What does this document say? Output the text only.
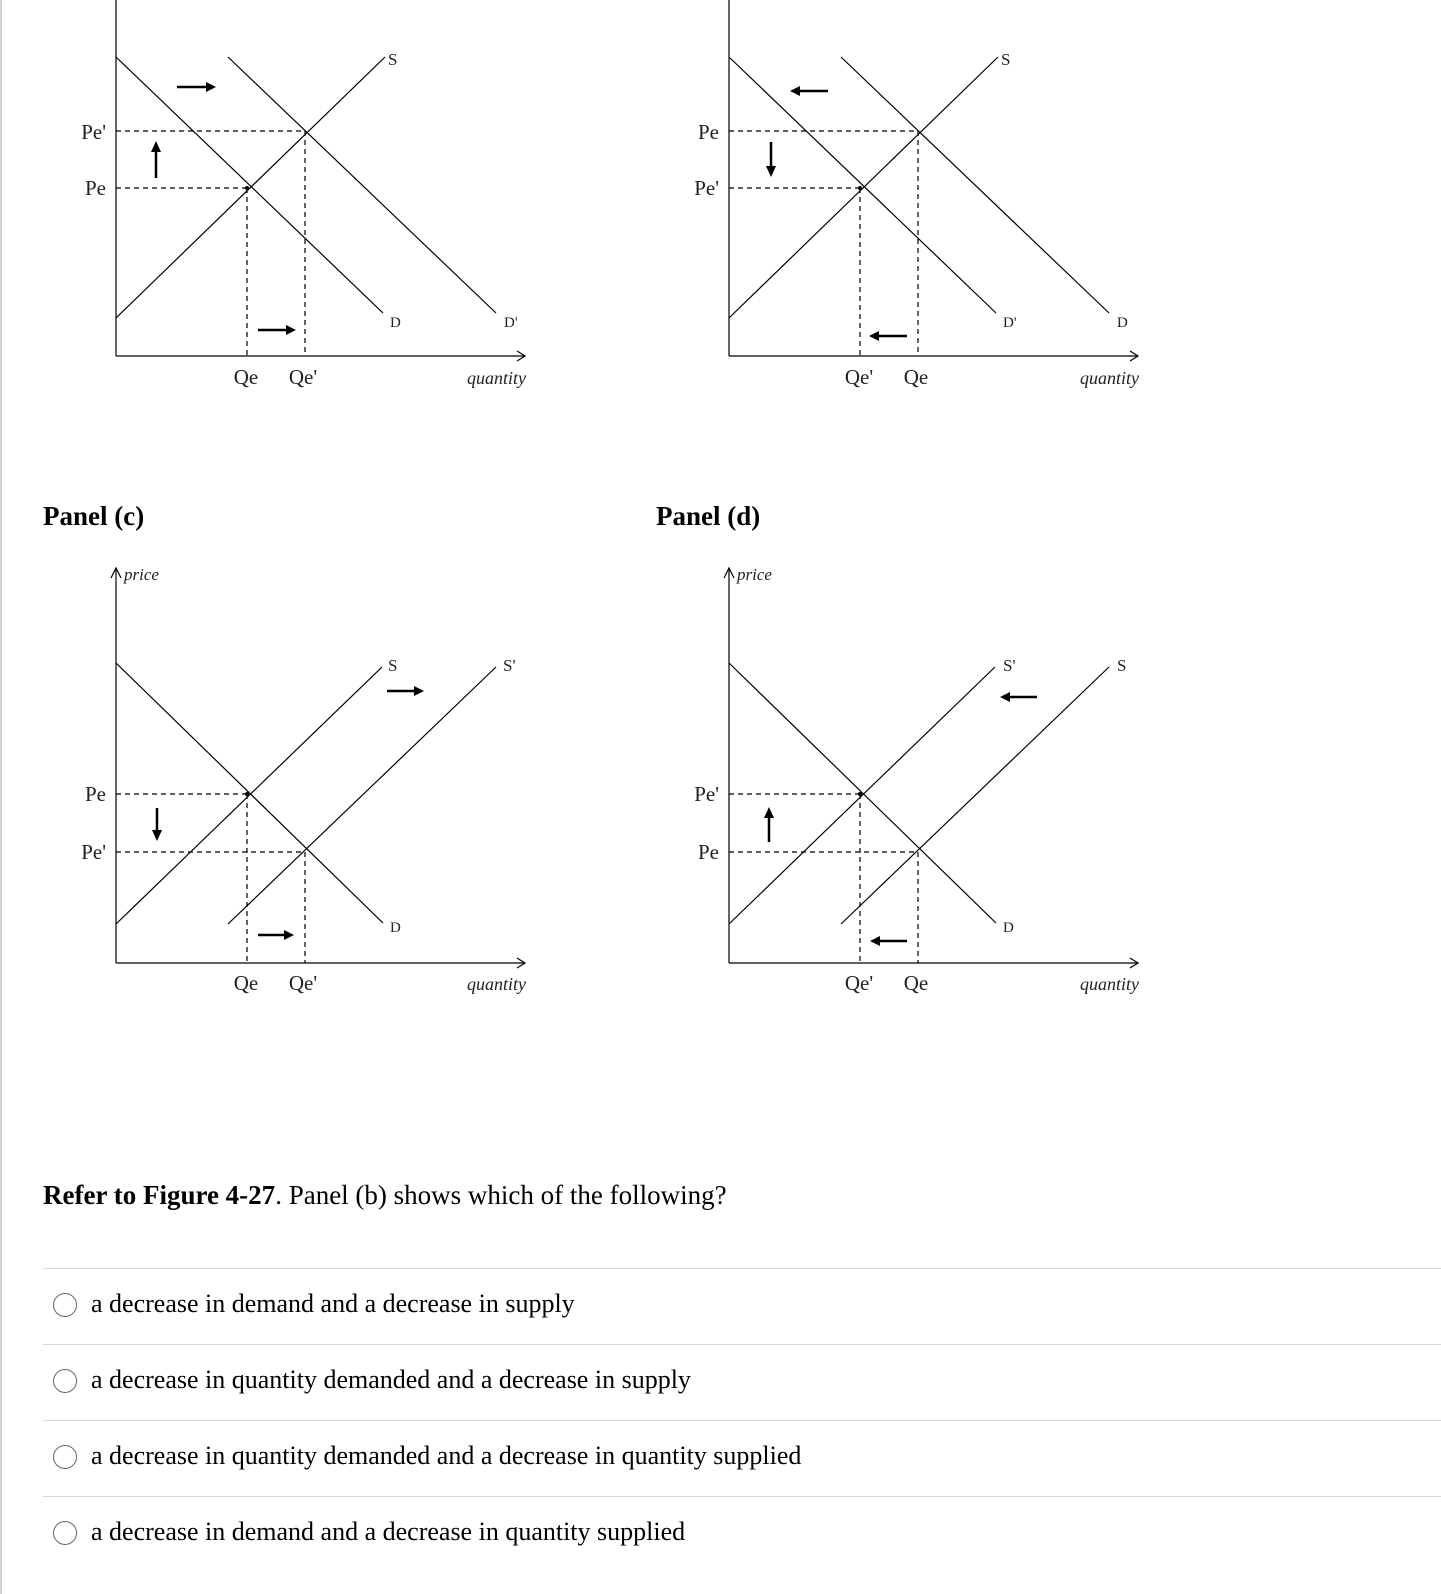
S
D	D'
Pe'
Pe
Qe Qe'	quantity
S
D'	D
Pe
Pe'
Qe' Qe	quantity
Panel (c)	Panel (d)
price
S	S'
D
Pe
Pe'
Qe Qe'	quantity
price
S'	S
D
Pe'
Pe
Qe' Qe	quantity
Refer to Figure 4-27. Panel (b) shows which of the following?
a decrease in demand and a decrease in supply
a decrease in quantity demanded and a decrease in supply
a decrease in quantity demanded and a decrease in quantity supplied
a decrease in demand and a decrease in quantity supplied
